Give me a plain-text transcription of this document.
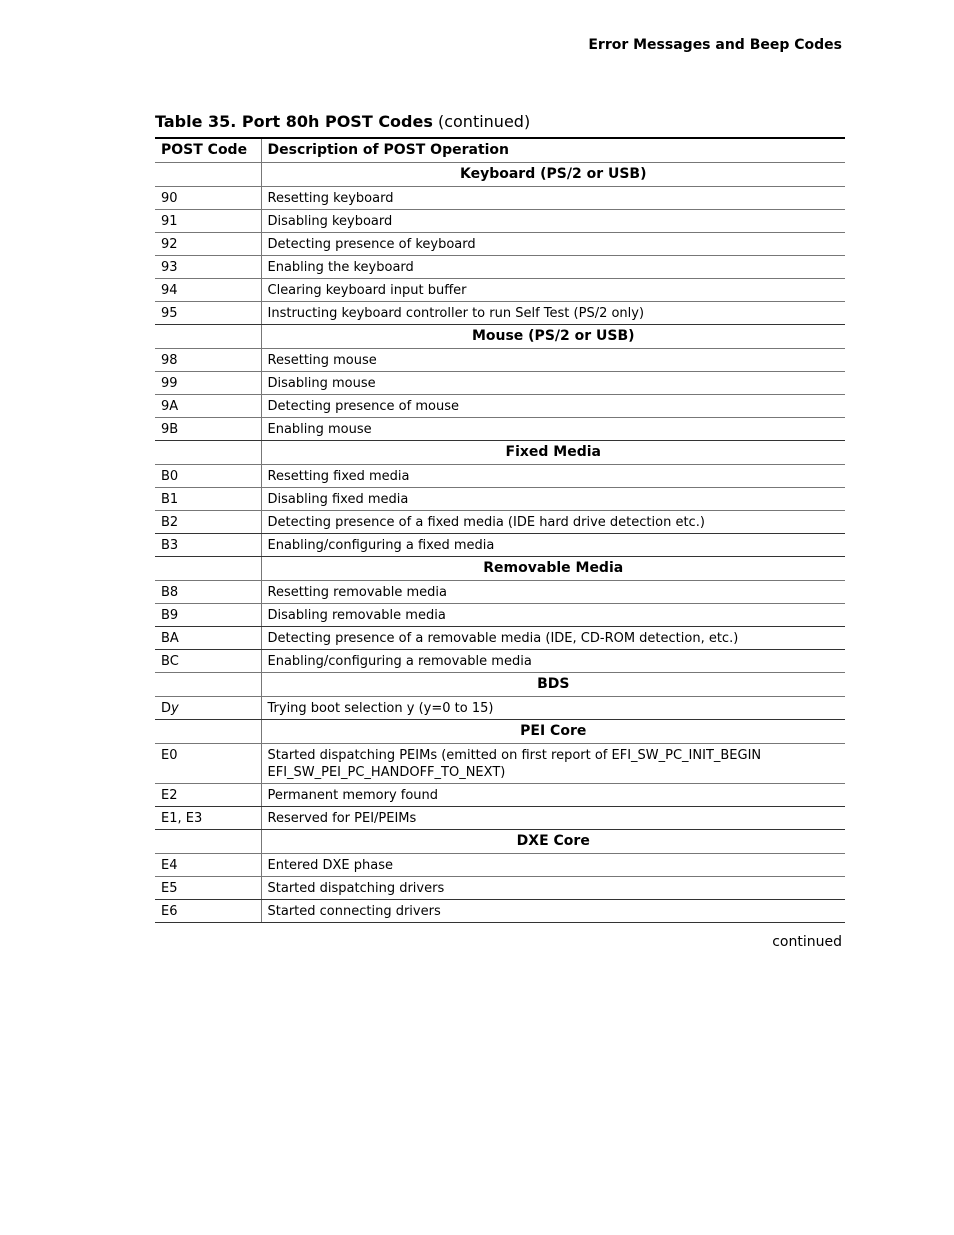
Error Messages and Beep Codes
Table 35. Port 80h POST Codes (continued)
POST Code	Description of POST Operation
	Keyboard (PS/2 or USB)
90	Resetting keyboard
91	Disabling keyboard
92	Detecting presence of keyboard
93	Enabling the keyboard
94	Clearing keyboard input buffer
95	Instructing keyboard controller to run Self Test (PS/2 only)
	Mouse (PS/2 or USB)
98	Resetting mouse
99	Disabling mouse
9A	Detecting presence of mouse
9B	Enabling mouse
	Fixed Media
B0	Resetting fixed media
B1	Disabling fixed media
B2	Detecting presence of a fixed media (IDE hard drive detection etc.)
B3	Enabling/configuring a fixed media
	Removable Media
B8	Resetting removable media
B9	Disabling removable media
BA	Detecting presence of a removable media (IDE, CD-ROM detection, etc.)
BC	Enabling/configuring a removable media
	BDS
Dy	Trying boot selection y (y=0 to 15)
	PEI Core
E0	Started dispatching PEIMs (emitted on first report of EFI_SW_PC_INIT_BEGIN EFI_SW_PEI_PC_HANDOFF_TO_NEXT)
E2	Permanent memory found
E1, E3	Reserved for PEI/PEIMs
	DXE Core
E4	Entered DXE phase
E5	Started dispatching drivers
E6	Started connecting drivers
continued
